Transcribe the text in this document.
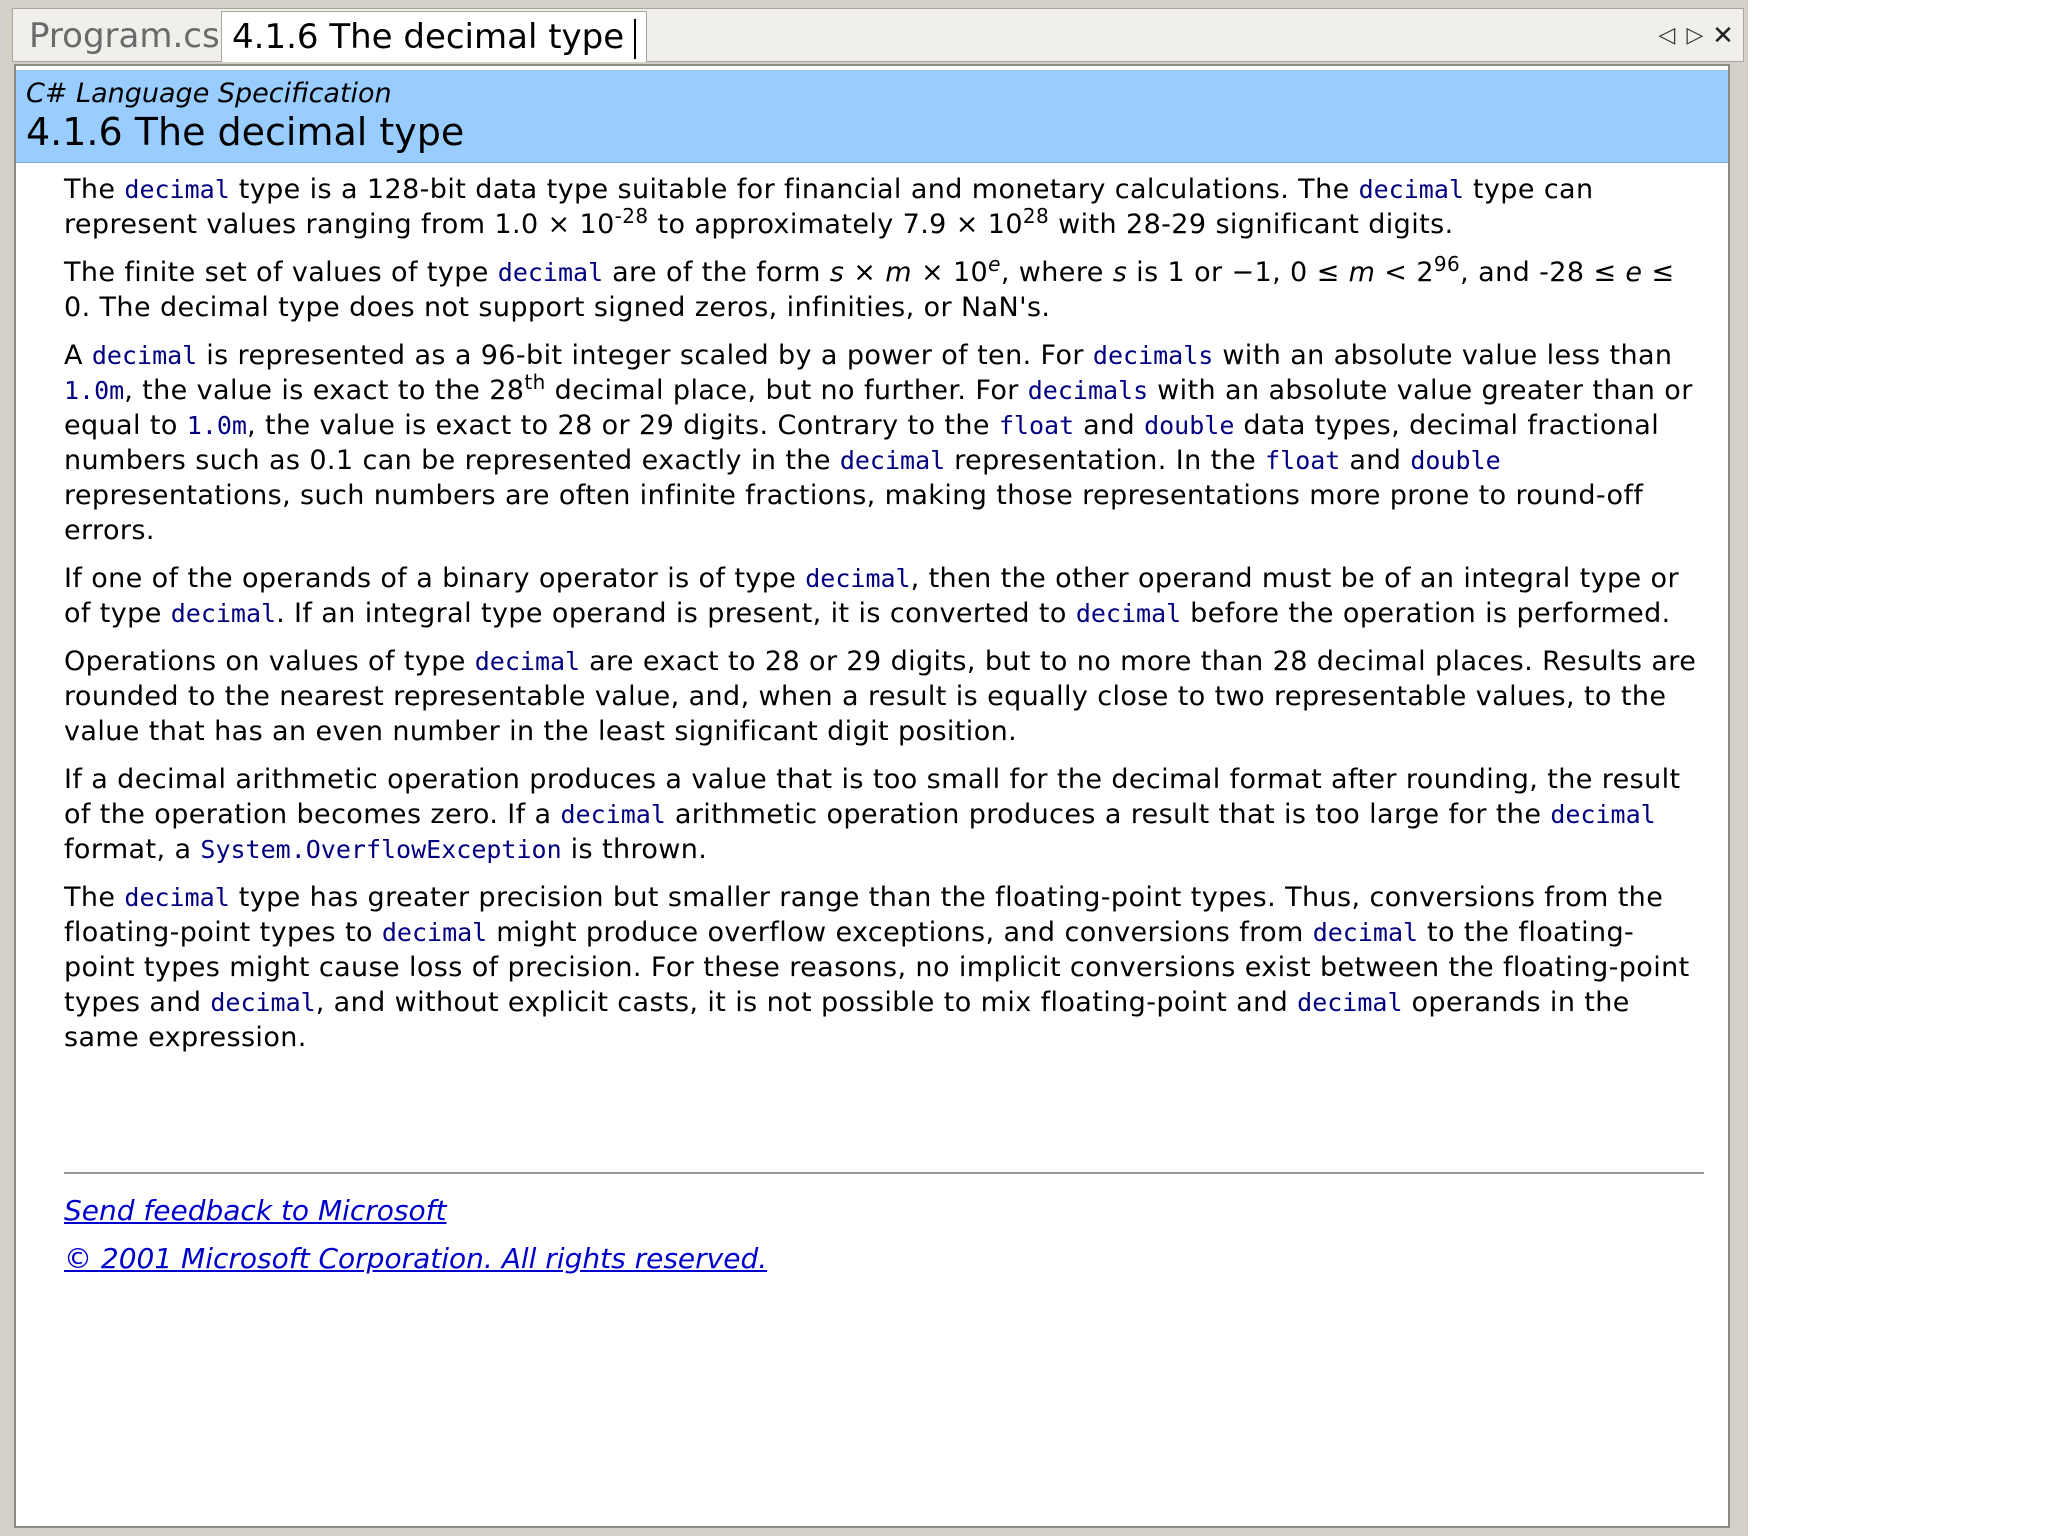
Program.cs 4.1.6 The decimal type	◁ ▷ ✕
C# Language Specification
4.1.6 The decimal type

The decimal type is a 128-bit data type suitable for financial and monetary calculations. The decimal type can represent values ranging from $1.0 \times 10^{-28}$ to approximately $7.9 \times 10^{28}$ with 28-29 significant digits.

The finite set of values of type decimal are of the form $s \times m \times 10^e$, where s is 1 or −1, $0 \le m < 2^{96}$, and -28 ≤ e ≤ 0. The decimal type does not support signed zeros, infinities, or NaN's.

A decimal is represented as a 96-bit integer scaled by a power of ten. For decimals with an absolute value less than 1.0m, the value is exact to the 28th decimal place, but no further. For decimals with an absolute value greater than or equal to 1.0m, the value is exact to 28 or 29 digits. Contrary to the float and double data types, decimal fractional numbers such as 0.1 can be represented exactly in the decimal representation. In the float and double representations, such numbers are often infinite fractions, making those representations more prone to round-off errors.

If one of the operands of a binary operator is of type decimal, then the other operand must be of an integral type or of type decimal. If an integral type operand is present, it is converted to decimal before the operation is performed.

Operations on values of type decimal are exact to 28 or 29 digits, but to no more than 28 decimal places. Results are rounded to the nearest representable value, and, when a result is equally close to two representable values, to the value that has an even number in the least significant digit position.

If a decimal arithmetic operation produces a value that is too small for the decimal format after rounding, the result of the operation becomes zero. If a decimal arithmetic operation produces a result that is too large for the decimal format, a System.OverflowException is thrown.

The decimal type has greater precision but smaller range than the floating-point types. Thus, conversions from the floating-point types to decimal might produce overflow exceptions, and conversions from decimal to the floating-point types might cause loss of precision. For these reasons, no implicit conversions exist between the floating-point types and decimal, and without explicit casts, it is not possible to mix floating-point and decimal operands in the same expression.

Send feedback to Microsoft
© 2001 Microsoft Corporation. All rights reserved.
